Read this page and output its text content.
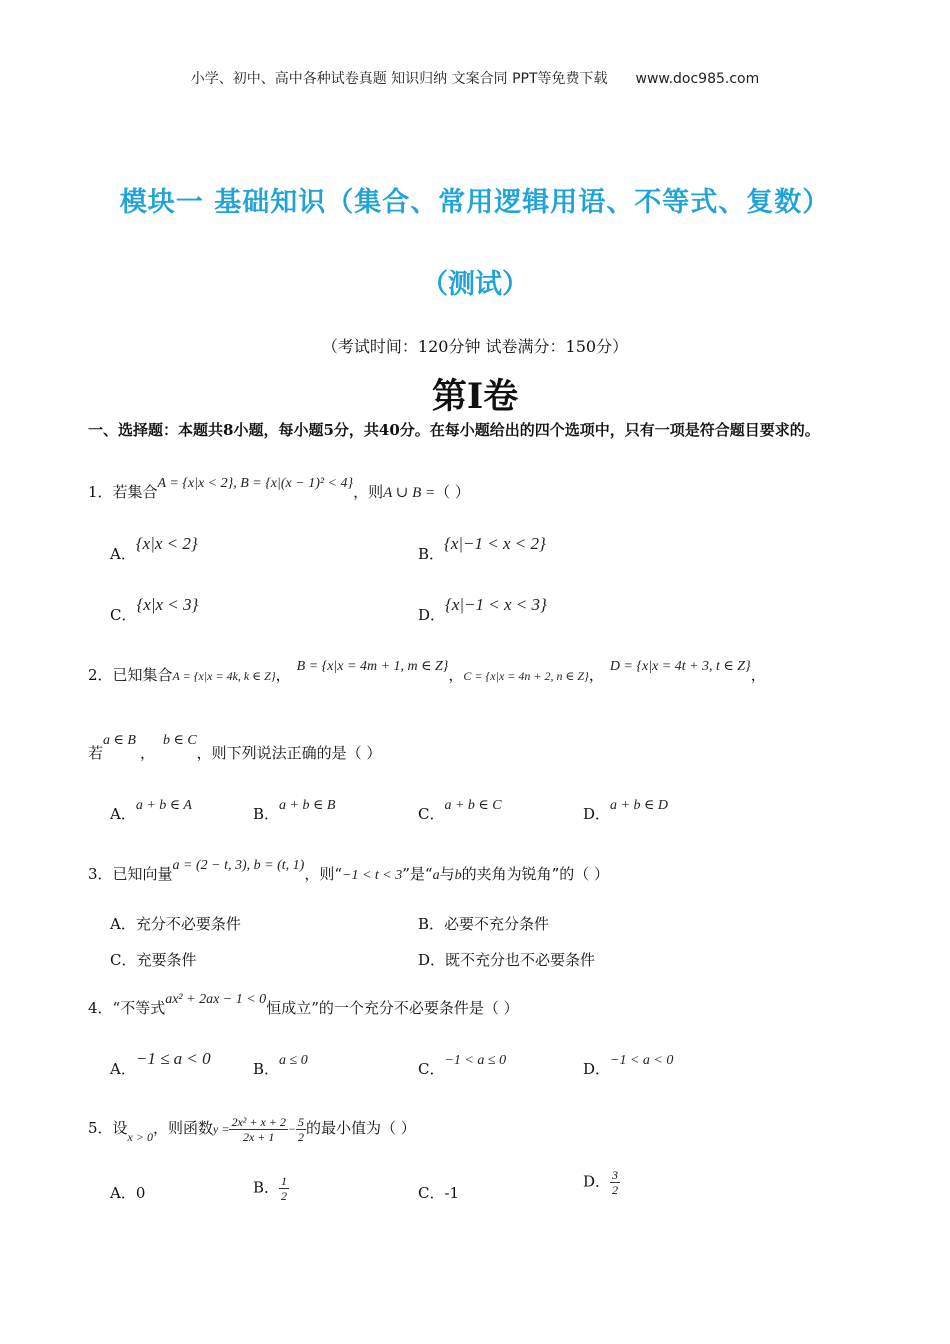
小学、初中、高中各种试卷真题 知识归纳 文案合同 PPT等免费下载 www.doc985.com
模块一 基础知识（集合、常用逻辑用语、不等式、复数）
（测试）
（考试时间：120分钟 试卷满分：150分）
第Ⅰ卷
一、选择题：本题共8小题，每小题5分，共40分。在每小题给出的四个选项中，只有一项是符合题目要求的。
1．若集合A = {x|x < 2}, B = {x|(x − 1)² < 4}，则A ∪ B =（ ）
A．{x|x < 2}
B．{x|−1 < x < 2}
C．{x|x < 3}
D．{x|−1 < x < 3}
2．已知集合A = {x|x = 4k, k ∈ Z}， B = {x|x = 4m + 1, m ∈ Z}，C = {x|x = 4n + 2, n ∈ Z}， D = {x|x = 4t + 3, t ∈ Z}，
若a ∈ B，b ∈ C，则下列说法正确的是（ ）
A．a + b ∈ A	B．a + b ∈ B	C．a + b ∈ C	D．a + b ∈ D
3．已知向量a = (2 − t, 3), b = (t, 1)，则“−1 < t < 3”是“a与b的夹角为锐角”的（ ）
A．充分不必要条件	B．必要不充分条件
C．充要条件	D．既不充分也不必要条件
4．“不等式ax² + 2ax − 1 < 0恒成立”的一个充分不必要条件是（ ）
A．−1 ≤ a < 0
B．a ≤ 0	C．−1 < a ≤ 0	D．−1 < a < 0
5．设$_{x > 0}$，则函数$y = \frac{\text{2x² + x + 2}}{2x + 1} - \frac{5}{2}$ 的最小值为（ ）
A．0	B． $\frac{1}{2}$	C．-1
D． $\frac{3}{2}$
